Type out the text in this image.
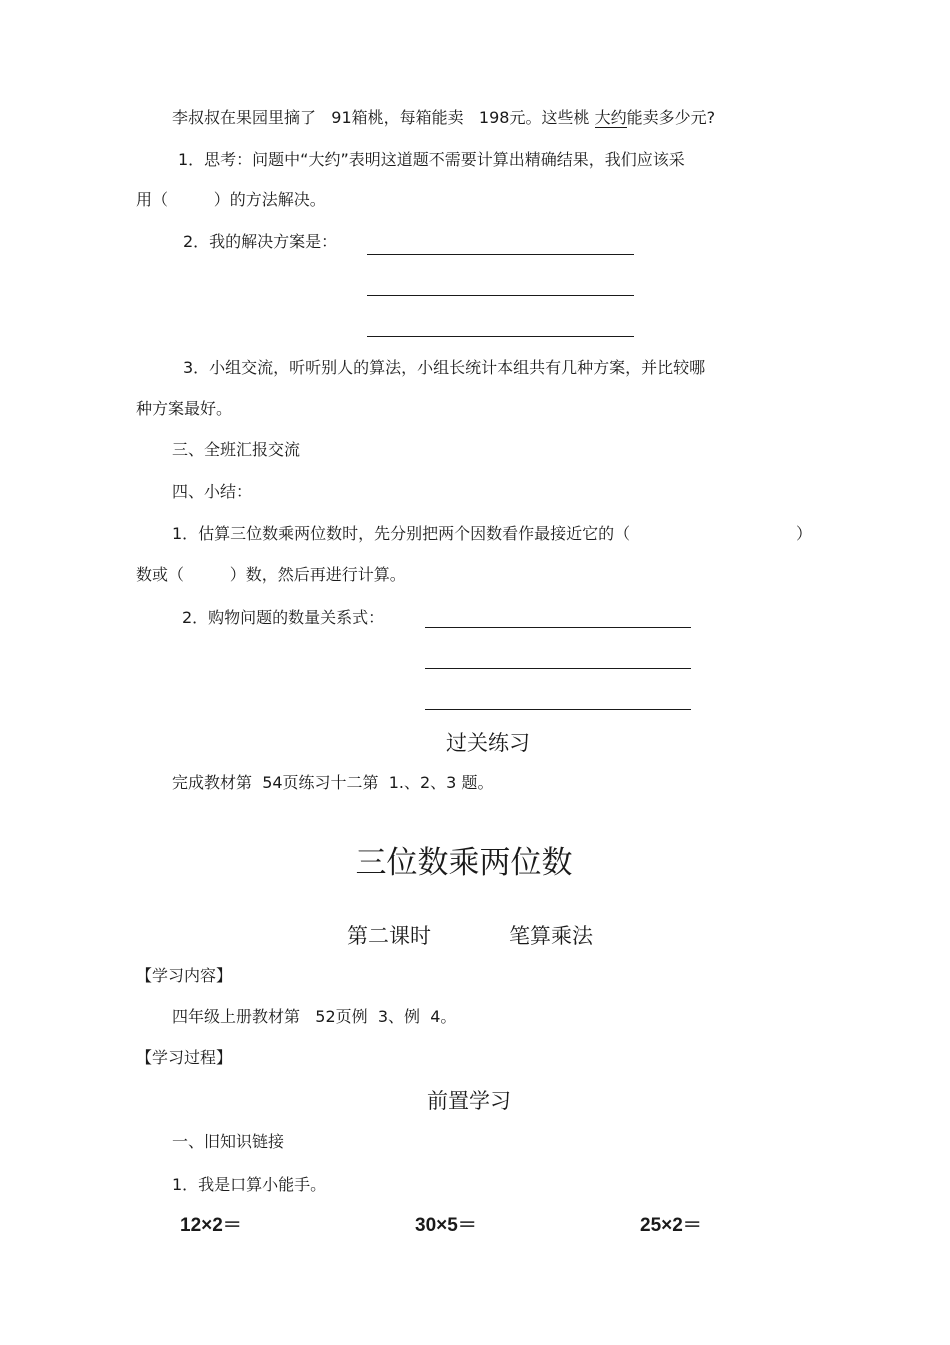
李叔叔在果园里摘了 91箱桃，每箱能卖 198元。这些桃 大约能卖多少元?
1．思考：问题中“大约”表明这道题不需要计算出精确结果，我们应该采
用（	）的方法解决。
2．我的解决方案是：
3．小组交流，听听别人的算法，小组长统计本组共有几种方案，并比较哪
种方案最好。
三、全班汇报交流
四、小结：
1．估算三位数乘两位数时，先分别把两个因数看作最接近它的（	）
数或（	）数，然后再进行计算。
2．购物问题的数量关系式：
过关练习
完成教材第 54页练习十二第 1.、2、3 题。
三位数乘两位数
第二课时	笔算乘法
【学习内容】
四年级上册教材第 52页例 3、例 4。
【学习过程】
前置学习
一、旧知识链接
1．我是口算小能手。
12×2＝	30×5＝	25×2＝
